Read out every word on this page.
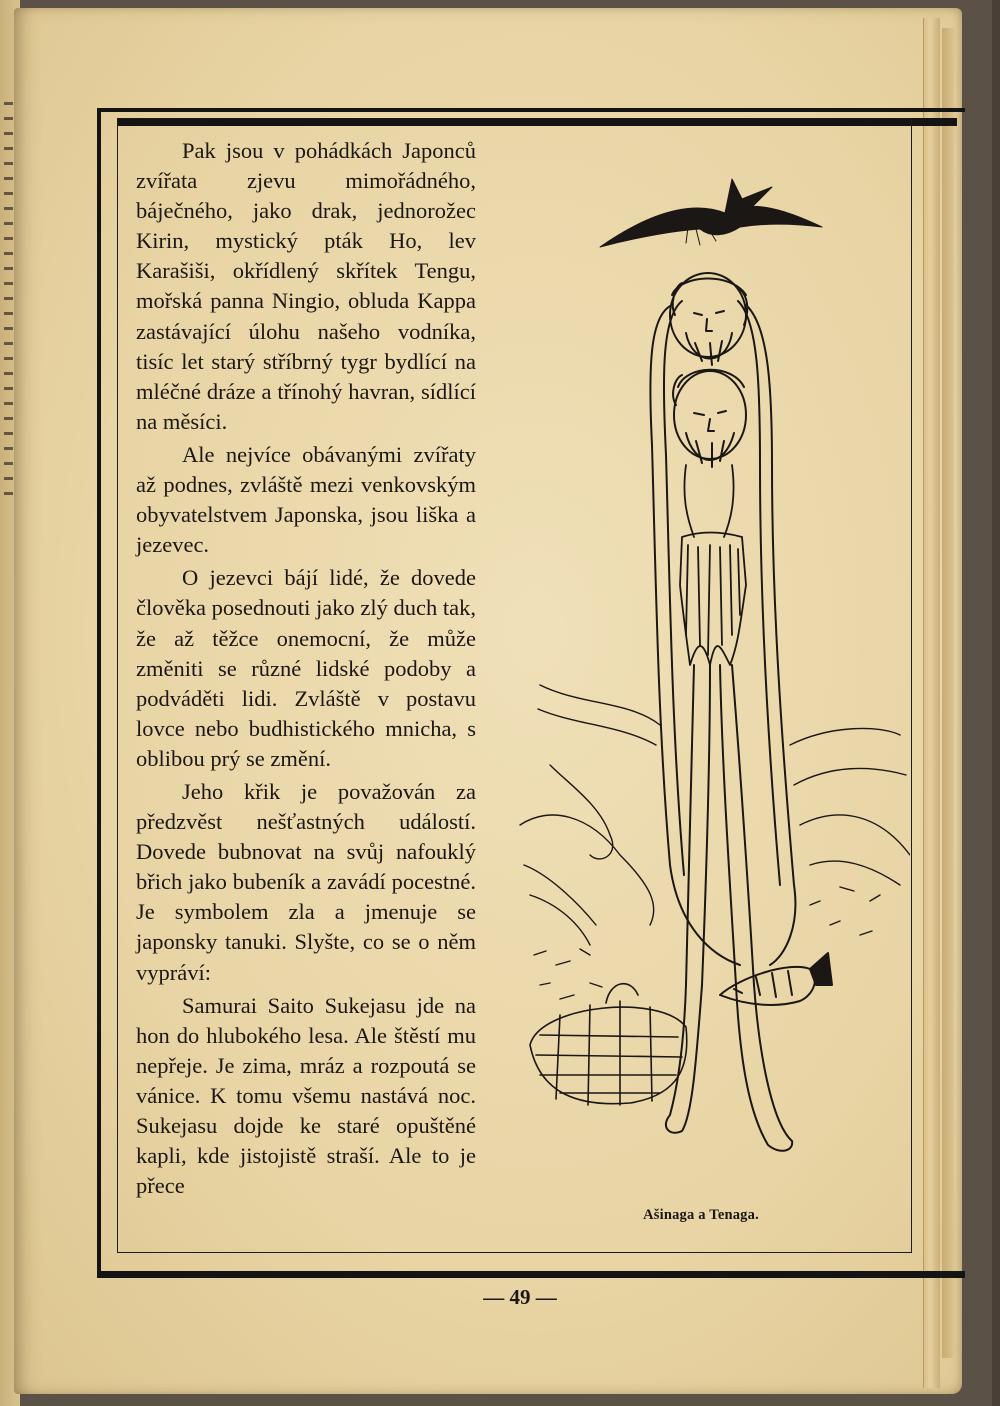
Pak jsou v pohádkách Japonců zvířata zjevu mimořádného, báječného, jako drak, jednorožec Kirin, mystický pták Ho, lev Karašiši, okřídlený skřítek Tengu, mořská panna Ningio, obluda Kappa zastávající úlohu našeho vodníka, tisíc let starý stříbrný tygr bydlící na mléčné dráze a třínohý havran, sídlící na měsíci.

Ale nejvíce obávanými zvířaty až podnes, zvláště mezi venkovským obyvatelstvem Japonska, jsou liška a jezevec.

O jezevci bájí lidé, že dovede člověka posednouti jako zlý duch tak, že až těžce onemocní, že může změniti se různé lidské podoby a podváděti lidi. Zvláště v postavu lovce nebo budhistického mnicha, s oblibou prý se změní.

Jeho křik je považován za předzvěst nešťastných událostí. Dovede bubnovat na svůj nafouklý břich jako bubeník a zavádí pocestné. Je symbolem zla a jmenuje se japonsky tanuki. Slyšte, co se o něm vypráví:

Samurai Saito Sukejasu jde na hon do hlubokého lesa. Ale štěstí mu nepřeje. Je zima, mráz a rozpoutá se vánice. K tomu všemu nastává noc. Sukejasu dojde ke staré opuštěné kapli, kde jistojistě straší. Ale to je přece

Ašinaga a Tenaga.
— 49 —
